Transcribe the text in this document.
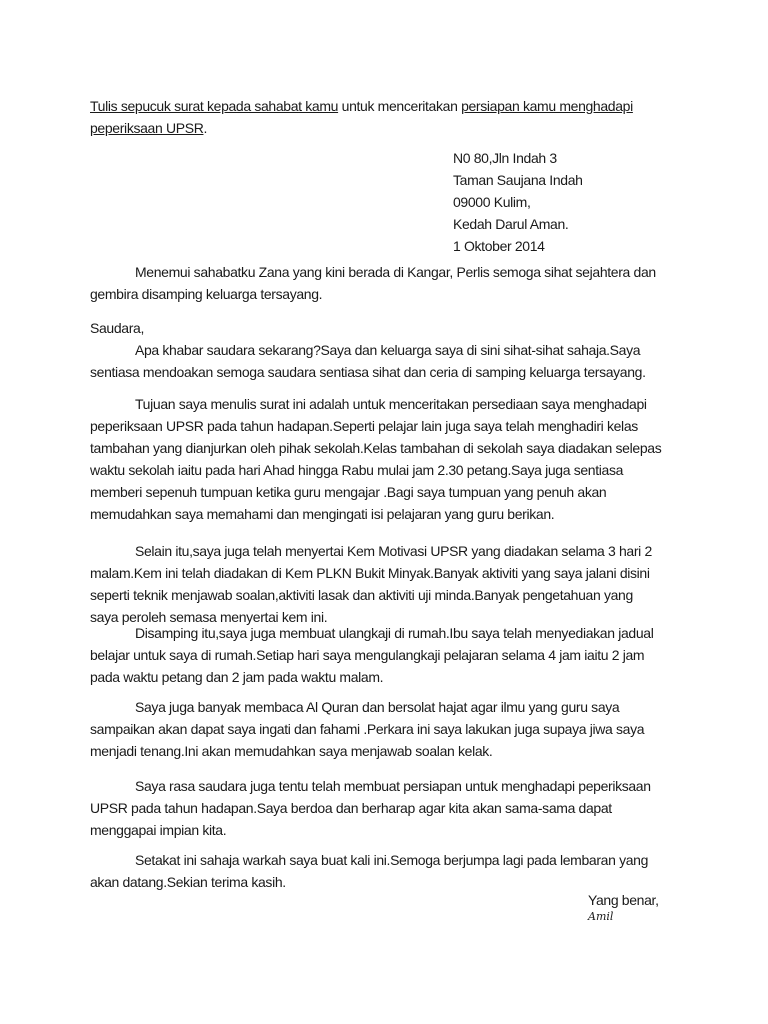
Tulis sepucuk surat kepada sahabat kamu untuk menceritakan persiapan kamu menghadapi
peperiksaan UPSR.
N0 80,Jln Indah 3
Taman Saujana Indah
09000 Kulim,
Kedah Darul Aman.
1 Oktober 2014
Menemui sahabatku Zana yang kini berada di Kangar, Perlis semoga sihat sejahtera dan
gembira disamping keluarga tersayang.
Saudara,
Apa khabar saudara sekarang?Saya dan keluarga saya di sini sihat-sihat sahaja.Saya
sentiasa mendoakan semoga saudara sentiasa sihat dan ceria di samping keluarga tersayang.
Tujuan saya menulis surat ini adalah untuk menceritakan persediaan saya menghadapi
peperiksaan UPSR pada tahun hadapan.Seperti pelajar lain juga saya telah menghadiri kelas
tambahan yang dianjurkan oleh pihak sekolah.Kelas tambahan di sekolah saya diadakan selepas
waktu sekolah iaitu pada hari Ahad hingga Rabu mulai jam 2.30 petang.Saya juga sentiasa
memberi sepenuh tumpuan ketika guru mengajar .Bagi saya tumpuan yang penuh akan
memudahkan saya memahami dan mengingati isi pelajaran yang guru berikan.
Selain itu,saya juga telah menyertai Kem Motivasi UPSR yang diadakan selama 3 hari 2
malam.Kem ini telah diadakan di Kem PLKN Bukit Minyak.Banyak aktiviti yang saya jalani disini
seperti teknik menjawab soalan,aktiviti lasak dan aktiviti uji minda.Banyak pengetahuan yang
saya peroleh semasa menyertai kem ini.
Disamping itu,saya juga membuat ulangkaji di rumah.Ibu saya telah menyediakan jadual
belajar untuk saya di rumah.Setiap hari saya mengulangkaji pelajaran selama 4 jam iaitu 2 jam
pada waktu petang dan 2 jam pada waktu malam.
Saya juga banyak membaca Al Quran dan bersolat hajat agar ilmu yang guru saya
sampaikan akan dapat saya ingati dan fahami .Perkara ini saya lakukan juga supaya jiwa saya
menjadi tenang.Ini akan memudahkan saya menjawab soalan kelak.
Saya rasa saudara juga tentu telah membuat persiapan untuk menghadapi peperiksaan
UPSR pada tahun hadapan.Saya berdoa dan berharap agar kita akan sama-sama dapat
menggapai impian kita.
Setakat ini sahaja warkah saya buat kali ini.Semoga berjumpa lagi pada lembaran yang
akan datang.Sekian terima kasih.
Yang benar,
Amil
